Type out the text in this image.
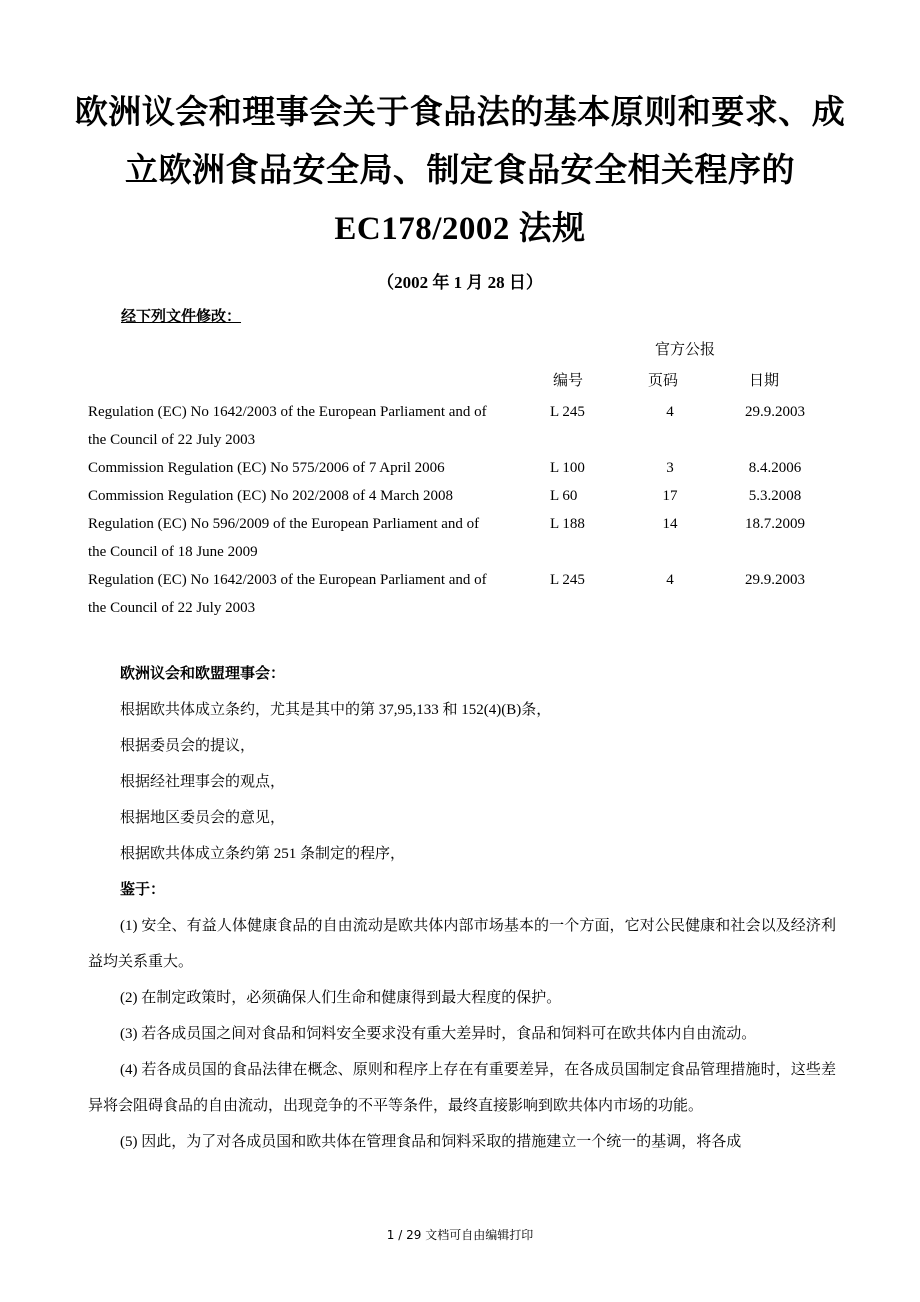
欧洲议会和理事会关于食品法的基本原则和要求、成
立欧洲食品安全局、制定食品安全相关程序的
EC178/2002 法规
（2002 年 1 月 28 日）
经下列文件修改：
官方公报
编号	页码	日期
Regulation (EC) No 1642/2003 of the European Parliament and of
the Council of 22 July 2003
L 245	4	29.9.2003
Commission Regulation (EC) No 575/2006 of 7 April 2006	L 100	3	8.4.2006
Commission Regulation (EC) No 202/2008 of 4 March 2008	L 60	17	5.3.2008
Regulation (EC) No 596/2009 of the European Parliament and of
the Council of 18 June 2009
L 188	14	18.7.2009
Regulation (EC) No 1642/2003 of the European Parliament and of
the Council of 22 July 2003
L 245	4	29.9.2003

欧洲议会和欧盟理事会：

根据欧共体成立条约，尤其是其中的第 37,95,133 和 152(4)(B)条，

根据委员会的提议，

根据经社理事会的观点，

根据地区委员会的意见，

根据欧共体成立条约第 251 条制定的程序，

鉴于：

(1) 安全、有益人体健康食品的自由流动是欧共体内部市场基本的一个方面，它对公民健康和社会以及经济利益均关系重大。

(2) 在制定政策时，必须确保人们生命和健康得到最大程度的保护。

(3) 若各成员国之间对食品和饲料安全要求没有重大差异时，食品和饲料可在欧共体内自由流动。

(4) 若各成员国的食品法律在概念、原则和程序上存在有重要差异，在各成员国制定食品管理措施时，这些差异将会阻碍食品的自由流动，出现竞争的不平等条件，最终直接影响到欧共体内市场的功能。

(5) 因此，为了对各成员国和欧共体在管理食品和饲料采取的措施建立一个统一的基调，将各成

1 / 29 文档可自由编辑打印
